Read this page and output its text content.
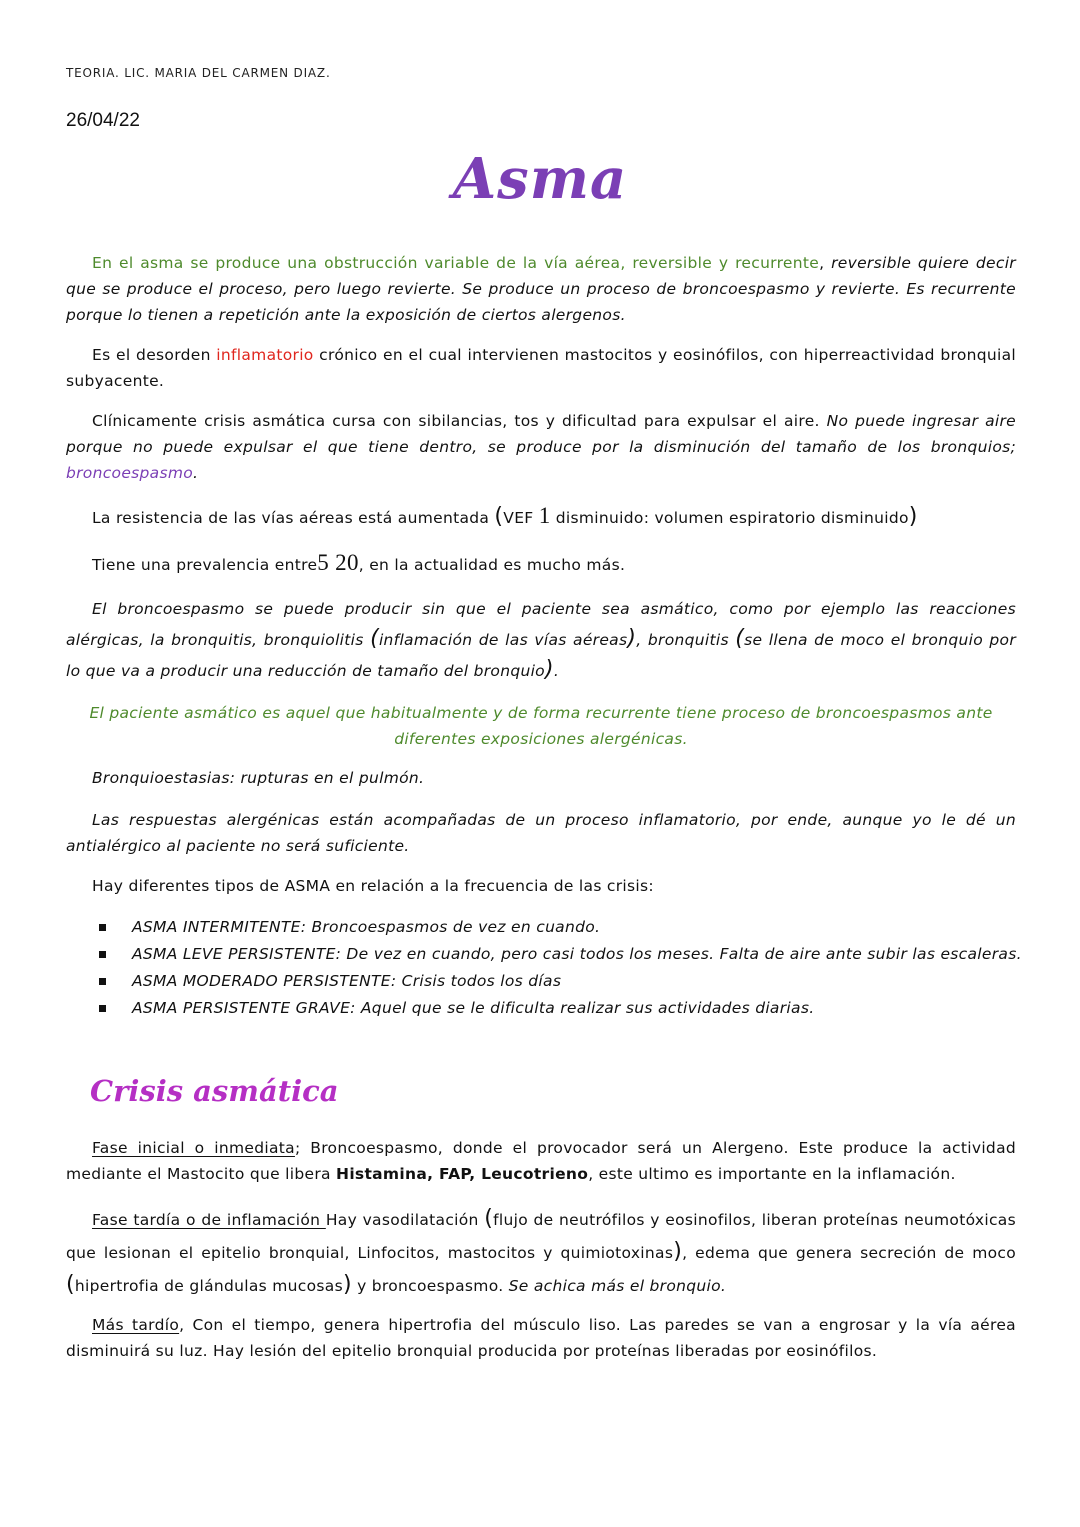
TEORIA. LIC. MARIA DEL CARMEN DIAZ.
26/04/22
Asma
En el asma se produce una obstrucción variable de la vía aérea, reversible y recurrente, reversible quiere decir que se produce el proceso, pero luego revierte. Se produce un proceso de broncoespasmo y revierte. Es recurrente porque lo tienen a repetición ante la exposición de ciertos alergenos.
Es el desorden inflamatorio crónico en el cual intervienen mastocitos y eosinófilos, con hiperreactividad bronquial subyacente.
Clínicamente crisis asmática cursa con sibilancias, tos y dificultad para expulsar el aire. No puede ingresar aire porque no puede expulsar el que tiene dentro, se produce por la disminución del tamaño de los bronquios; broncoespasmo.
La resistencia de las vías aéreas está aumentada (VEF 1 disminuido: volumen espiratorio disminuido)
Tiene una prevalencia entre5 20, en la actualidad es mucho más.
El broncoespasmo se puede producir sin que el paciente sea asmático, como por ejemplo las reacciones alérgicas, la bronquitis, bronquiolitis (inflamación de las vías aéreas), bronquitis (se llena de moco el bronquio por lo que va a producir una reducción de tamaño del bronquio).
El paciente asmático es aquel que habitualmente y de forma recurrente tiene proceso de broncoespasmos ante diferentes exposiciones alergénicas.
Bronquioestasias: rupturas en el pulmón.
Las respuestas alergénicas están acompañadas de un proceso inflamatorio, por ende, aunque yo le dé un antialérgico al paciente no será suficiente.
Hay diferentes tipos de ASMA en relación a la frecuencia de las crisis:
ASMA INTERMITENTE: Broncoespasmos de vez en cuando.
ASMA LEVE PERSISTENTE: De vez en cuando, pero casi todos los meses. Falta de aire ante subir las escaleras.
ASMA MODERADO PERSISTENTE: Crisis todos los días
ASMA PERSISTENTE GRAVE: Aquel que se le dificulta realizar sus actividades diarias.
Crisis asmática
Fase inicial o inmediata; Broncoespasmo, donde el provocador será un Alergeno. Este produce la actividad mediante el Mastocito que libera Histamina, FAP, Leucotrieno, este ultimo es importante en la inflamación.
Fase tardía o de inflamación Hay vasodilatación (flujo de neutrófilos y eosinofilos, liberan proteínas neumotóxicas que lesionan el epitelio bronquial, Linfocitos, mastocitos y quimiotoxinas), edema que genera secreción de moco (hipertrofia de glándulas mucosas) y broncoespasmo. Se achica más el bronquio.
Más tardío, Con el tiempo, genera hipertrofia del músculo liso. Las paredes se van a engrosar y la vía aérea disminuirá su luz. Hay lesión del epitelio bronquial producida por proteínas liberadas por eosinófilos.
